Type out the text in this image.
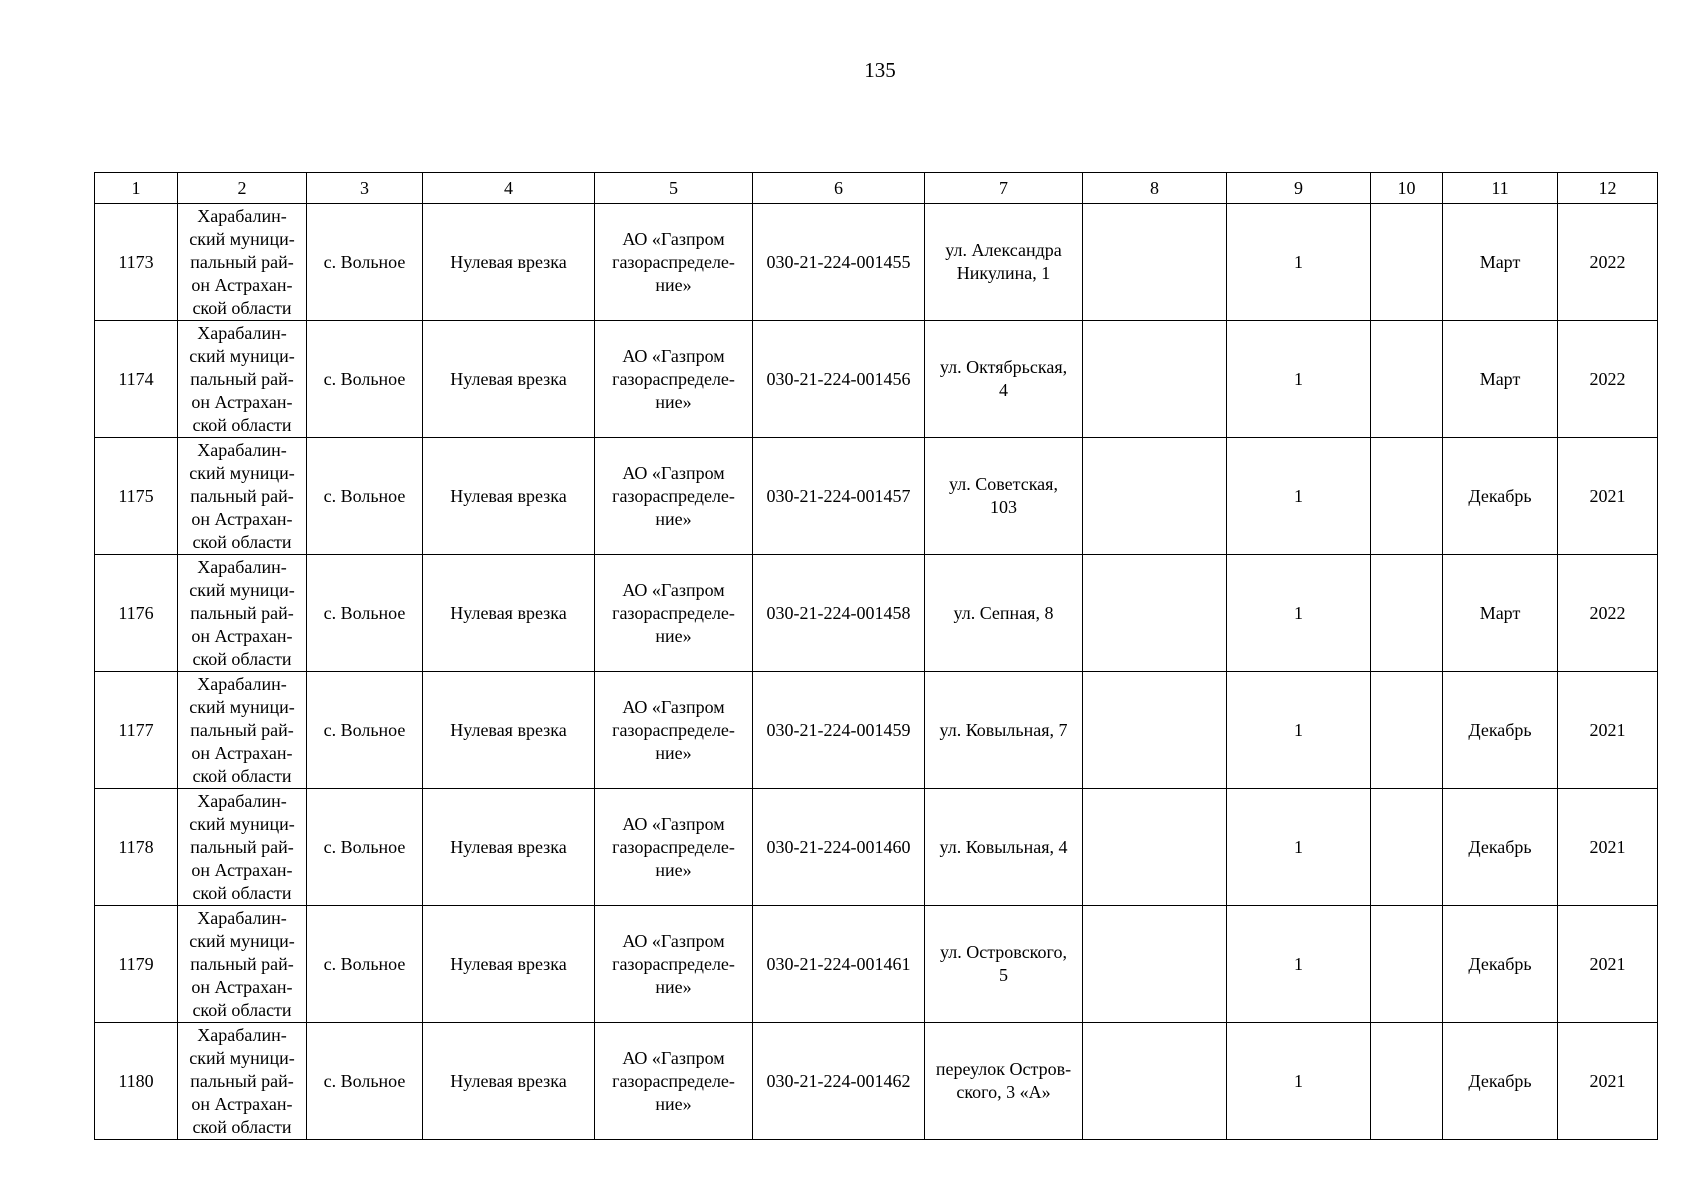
135
1	2	3	4	5	6	7	8	9	10	11	12
1173	Харабалин-
ский муници-
пальный рай-
он Астрахан-
ской области	с. Вольное	Нулевая врезка	АО «Газпром
газораспределе-
ние»	030-21-224-001455	ул. Александра
Никулина, 1		1		Март	2022
1174	Харабалин-
ский муници-
пальный рай-
он Астрахан-
ской области	с. Вольное	Нулевая врезка	АО «Газпром
газораспределе-
ние»	030-21-224-001456	ул. Октябрьская,
4		1		Март	2022
1175	Харабалин-
ский муници-
пальный рай-
он Астрахан-
ской области	с. Вольное	Нулевая врезка	АО «Газпром
газораспределе-
ние»	030-21-224-001457	ул. Советская,
103		1		Декабрь	2021
1176	Харабалин-
ский муници-
пальный рай-
он Астрахан-
ской области	с. Вольное	Нулевая врезка	АО «Газпром
газораспределе-
ние»	030-21-224-001458	ул. Сепная, 8		1		Март	2022
1177	Харабалин-
ский муници-
пальный рай-
он Астрахан-
ской области	с. Вольное	Нулевая врезка	АО «Газпром
газораспределе-
ние»	030-21-224-001459	ул. Ковыльная, 7		1		Декабрь	2021
1178	Харабалин-
ский муници-
пальный рай-
он Астрахан-
ской области	с. Вольное	Нулевая врезка	АО «Газпром
газораспределе-
ние»	030-21-224-001460	ул. Ковыльная, 4		1		Декабрь	2021
1179	Харабалин-
ский муници-
пальный рай-
он Астрахан-
ской области	с. Вольное	Нулевая врезка	АО «Газпром
газораспределе-
ние»	030-21-224-001461	ул. Островского,
5		1		Декабрь	2021
1180	Харабалин-
ский муници-
пальный рай-
он Астрахан-
ской области	с. Вольное	Нулевая врезка	АО «Газпром
газораспределе-
ние»	030-21-224-001462	переулок Остров-
ского, 3 «А»		1		Декабрь	2021
